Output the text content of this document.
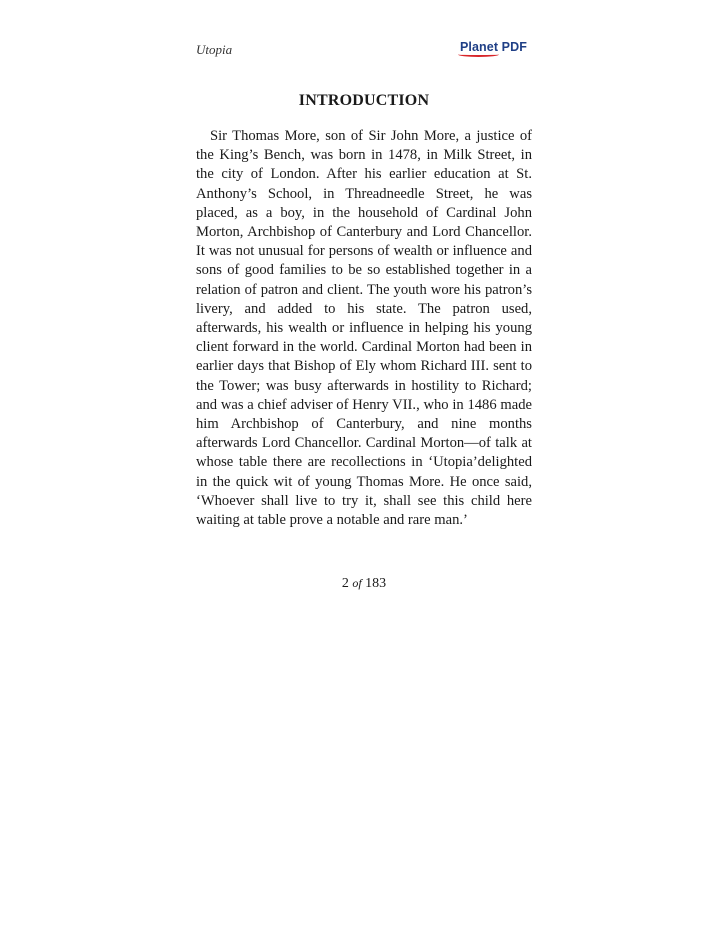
Utopia	Planet PDF
INTRODUCTION

Sir Thomas More, son of Sir John More, a justice of the King’s Bench, was born in 1478, in Milk Street, in the city of London. After his earlier education at St. Anthony’s School, in Threadneedle Street, he was placed, as a boy, in the household of Cardinal John Morton, Archbishop of Canterbury and Lord Chancellor. It was not unusual for persons of wealth or influence and sons of good families to be so established together in a relation of patron and client. The youth wore his patron’s livery, and added to his state. The patron used, afterwards, his wealth or influence in helping his young client forward in the world. Cardinal Morton had been in earlier days that Bishop of Ely whom Richard III. sent to the Tower; was busy afterwards in hostility to Richard; and was a chief adviser of Henry VII., who in 1486 made him Archbishop of Canterbury, and nine months afterwards Lord Chancellor. Cardinal Morton—of talk at whose table there are recollections in ‘Utopia’delighted in the quick wit of young Thomas More. He once said, ‘Whoever shall live to try it, shall see this child here waiting at table prove a notable and rare man.’

2 of 183
